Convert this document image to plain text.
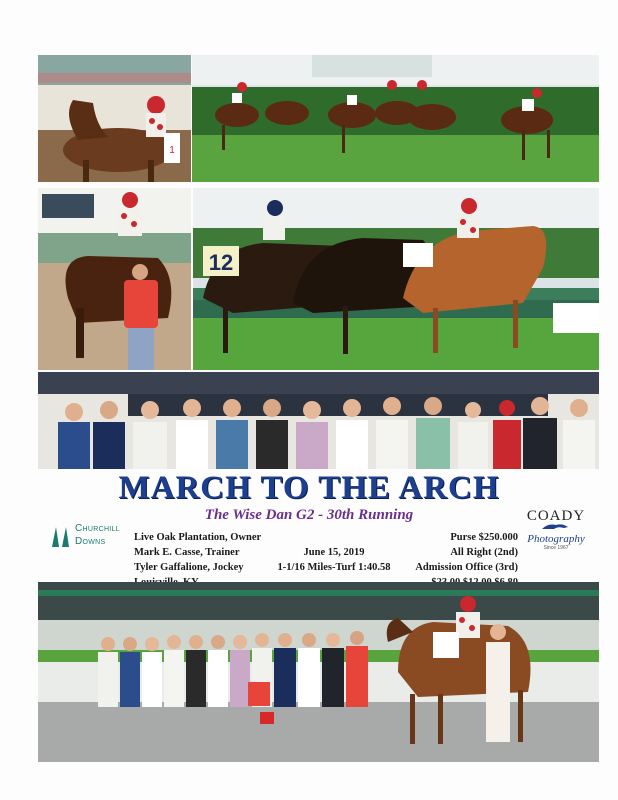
1
12
MARCH TO THE ARCH
The Wise Dan G2 - 30th Running
Churchill
Downs	Live Oak Plantation, Owner
Mark E. Casse, Trainer
Tyler Gaffalione, Jockey
June 15, 2019
1-1/16 Miles-Turf 1:40.58
Purse $250.000
All Right (2nd)
Admission Office (3rd)
COADY
Photography
Since 1967
